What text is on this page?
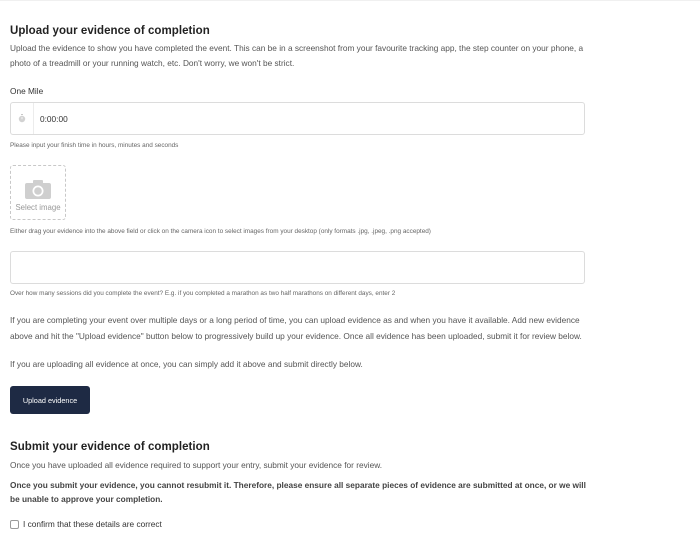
Upload your evidence of completion
Upload the evidence to show you have completed the event. This can be in a screenshot from your favourite tracking app, the step counter on your phone, a photo of a treadmill or your running watch, etc. Don't worry, we won't be strict.
One Mile
0:00:00
Please input your finish time in hours, minutes and seconds
Select image
Either drag your evidence into the above field or click on the camera icon to select images from your desktop (only formats .jpg, .jpeg, .png accepted)
Over how many sessions did you complete the event? E.g. if you completed a marathon as two half marathons on different days, enter 2
If you are completing your event over multiple days or a long period of time, you can upload evidence as and when you have it available. Add new evidence above and hit the "Upload evidence" button below to progressively build up your evidence. Once all evidence has been uploaded, submit it for review below.
If you are uploading all evidence at once, you can simply add it above and submit directly below.
Upload evidence
Submit your evidence of completion
Once you have uploaded all evidence required to support your entry, submit your evidence for review.
Once you submit your evidence, you cannot resubmit it. Therefore, please ensure all separate pieces of evidence are submitted at once, or we will be unable to approve your completion.
I confirm that these details are correct
